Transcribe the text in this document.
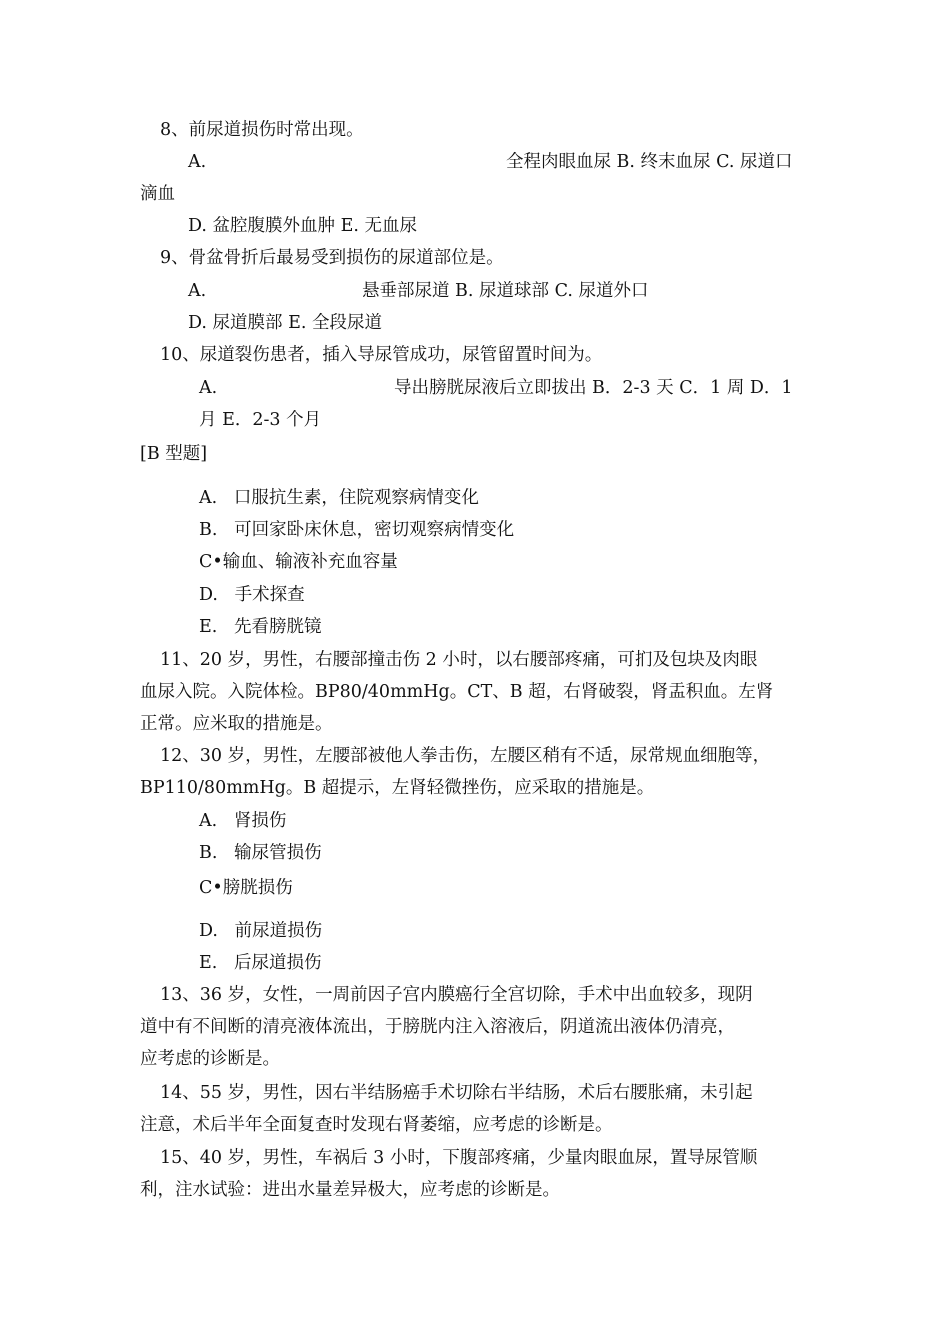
8、前尿道损伤时常出现。
A.	全程肉眼血尿 B. 终末血尿 C. 尿道口
滴血
D. 盆腔腹膜外血肿 E. 无血尿
9、骨盆骨折后最易受到损伤的尿道部位是。
A.	悬垂部尿道 B. 尿道球部 C. 尿道外口
D. 尿道膜部 E. 全段尿道
10、尿道裂伤患者，插入导尿管成功，尿管留置时间为。
A.	导出膀胱尿液后立即拔出 B．2-3 天 C．1 周 D．1
月 E．2-3 个月
[B 型题]
A.   口服抗生素，住院观察病情变化
B.   可回家卧床休息，密切观察病情变化
C•输血、输液补充血容量
D.   手术探查
E.   先看膀胱镜
11、20 岁，男性，右腰部撞击伤 2 小时，以右腰部疼痛，可扪及包块及肉眼
血尿入院。入院体检。BP80/40mmHg。CT、B 超，右肾破裂，肾盂积血。左肾
正常。应米取的措施是。
12、30 岁，男性，左腰部被他人拳击伤，左腰区稍有不适，尿常规血细胞等，
BP110/80mmHg。B 超提示，左肾轻微挫伤，应采取的措施是。
A.   肾损伤
B.   输尿管损伤
C•膀胱损伤
D.   前尿道损伤
E.   后尿道损伤
13、36 岁，女性，一周前因子宫内膜癌行全宫切除，手术中出血较多，现阴
道中有不间断的清亮液体流出，于膀胱内注入溶液后，阴道流出液体仍清亮，
应考虑的诊断是。
14、55 岁，男性，因右半结肠癌手术切除右半结肠，术后右腰胀痛，未引起
注意，术后半年全面复查时发现右肾萎缩，应考虑的诊断是。
15、40 岁，男性，车祸后 3 小时，下腹部疼痛，少量肉眼血尿，置导尿管顺
利，注水试验：进出水量差异极大，应考虑的诊断是。
